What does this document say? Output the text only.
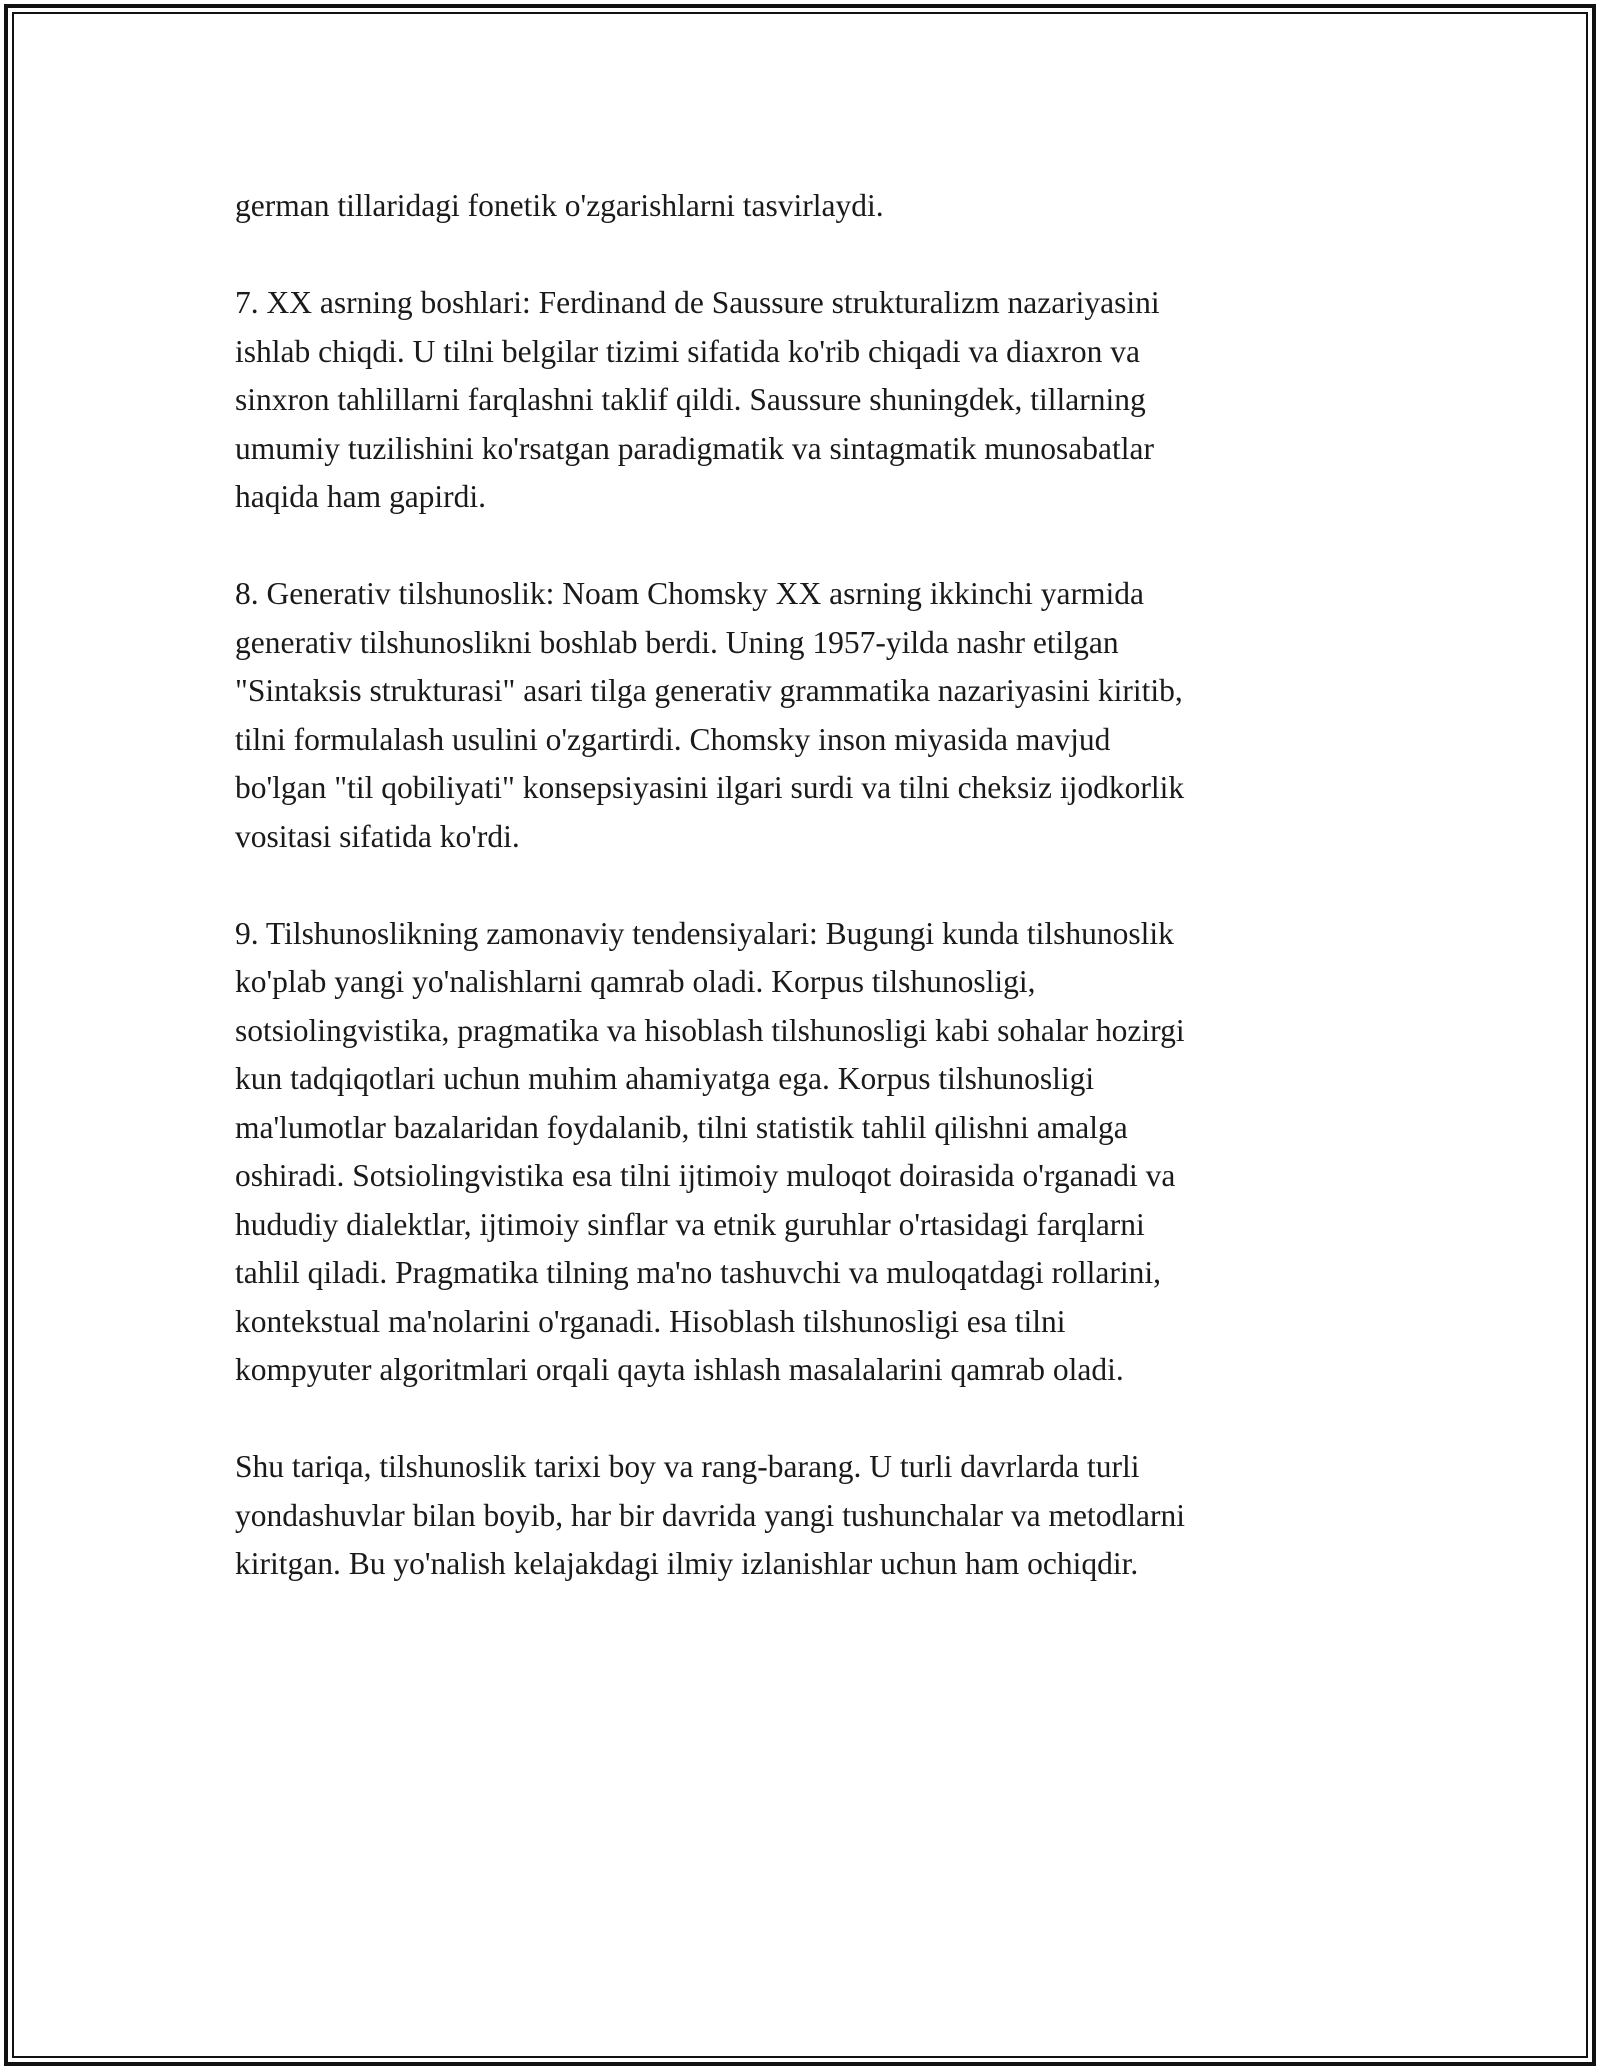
german tillaridagi fonetik o'zgarishlarni tasvirlaydi.

7. XX asrning boshlari: Ferdinand de Saussure strukturalizm nazariyasini
ishlab chiqdi. U tilni belgilar tizimi sifatida ko'rib chiqadi va diaxron va
sinxron tahlillarni farqlashni taklif qildi. Saussure shuningdek, tillarning
umumiy tuzilishini ko'rsatgan paradigmatik va sintagmatik munosabatlar
haqida ham gapirdi.

8. Generativ tilshunoslik: Noam Chomsky XX asrning ikkinchi yarmida
generativ tilshunoslikni boshlab berdi. Uning 1957-yilda nashr etilgan
"Sintaksis strukturasi" asari tilga generativ grammatika nazariyasini kiritib,
tilni formulalash usulini o'zgartirdi. Chomsky inson miyasida mavjud
bo'lgan "til qobiliyati" konsepsiyasini ilgari surdi va tilni cheksiz ijodkorlik
vositasi sifatida ko'rdi.

9. Tilshunoslikning zamonaviy tendensiyalari: Bugungi kunda tilshunoslik
ko'plab yangi yo'nalishlarni qamrab oladi. Korpus tilshunosligi,
sotsiolingvistika, pragmatika va hisoblash tilshunosligi kabi sohalar hozirgi
kun tadqiqotlari uchun muhim ahamiyatga ega. Korpus tilshunosligi
ma'lumotlar bazalaridan foydalanib, tilni statistik tahlil qilishni amalga
oshiradi. Sotsiolingvistika esa tilni ijtimoiy muloqot doirasida o'rganadi va
hududiy dialektlar, ijtimoiy sinflar va etnik guruhlar o'rtasidagi farqlarni
tahlil qiladi. Pragmatika tilning ma'no tashuvchi va muloqatdagi rollarini,
kontekstual ma'nolarini o'rganadi. Hisoblash tilshunosligi esa tilni
kompyuter algoritmlari orqali qayta ishlash masalalarini qamrab oladi.

Shu tariqa, tilshunoslik tarixi boy va rang-barang. U turli davrlarda turli
yondashuvlar bilan boyib, har bir davrida yangi tushunchalar va metodlarni
kiritgan. Bu yo'nalish kelajakdagi ilmiy izlanishlar uchun ham ochiqdir.
